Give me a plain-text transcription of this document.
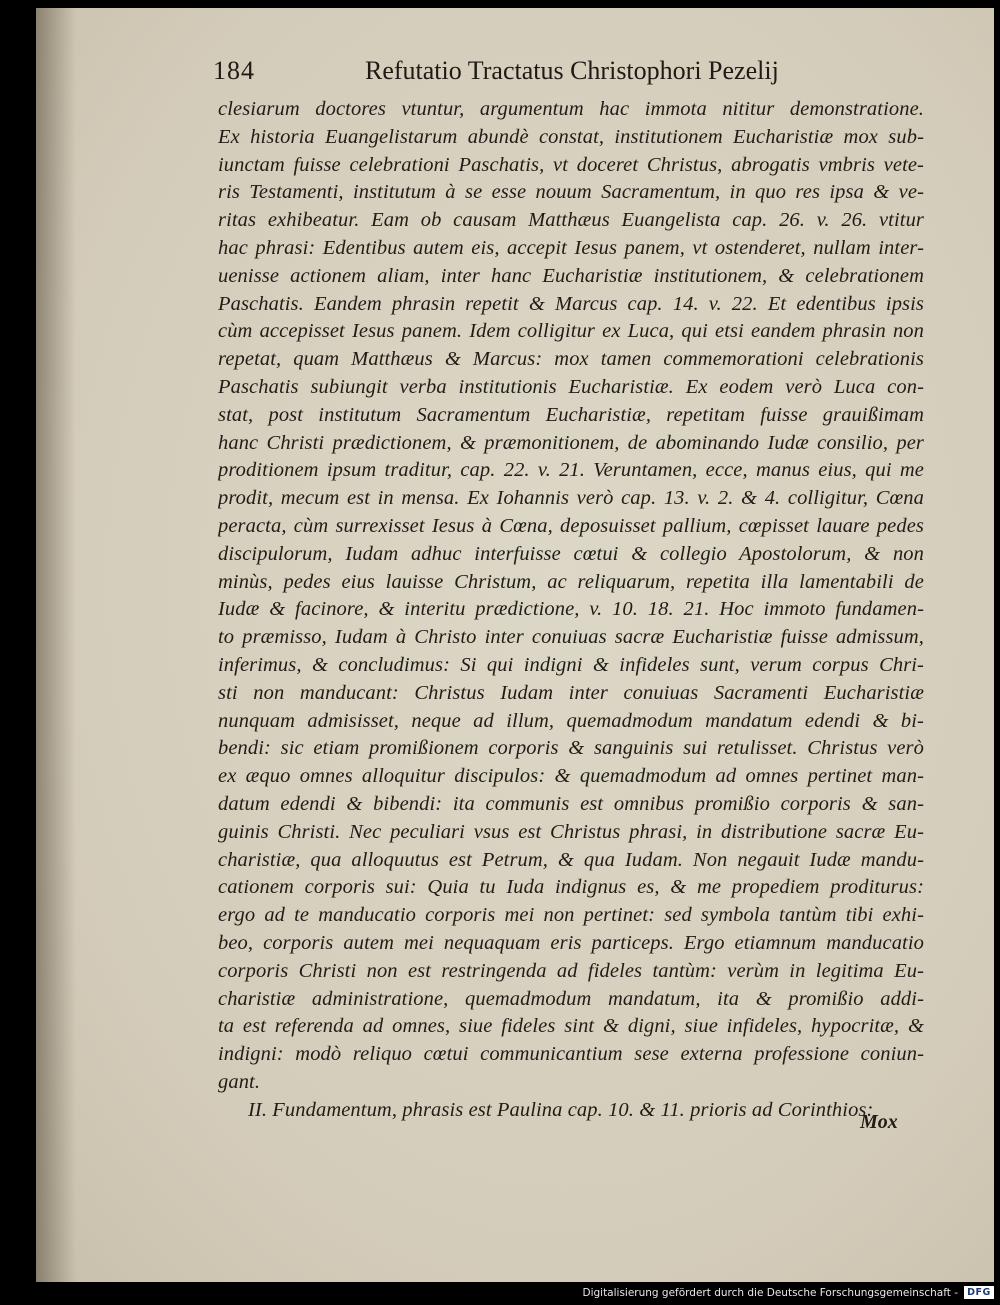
184	Refutatio Tractatus Christophori Pezelij
clesiarum doctores vtuntur, argumentum hac immota nititur demonstratione.
Ex historia Euangelistarum abundè constat, institutionem Eucharistiæ mox sub-
iunctam fuisse celebrationi Paschatis, vt doceret Christus, abrogatis vmbris vete-
ris Testamenti, institutum à se esse nouum Sacramentum, in quo res ipsa & ve-
ritas exhibeatur. Eam ob causam Matthæus Euangelista cap. 26. v. 26. vtitur
hac phrasi: Edentibus autem eis, accepit Iesus panem, vt ostenderet, nullam inter-
uenisse actionem aliam, inter hanc Eucharistiæ institutionem, & celebrationem
Paschatis. Eandem phrasin repetit & Marcus cap. 14. v. 22. Et edentibus ipsis
cùm accepisset Iesus panem. Idem colligitur ex Luca, qui etsi eandem phrasin non
repetat, quam Matthæus & Marcus: mox tamen commemorationi celebrationis
Paschatis subiungit verba institutionis Eucharistiæ. Ex eodem verò Luca con-
stat, post institutum Sacramentum Eucharistiæ, repetitam fuisse grauißimam
hanc Christi prædictionem, & præmonitionem, de abominando Iudæ consilio, per
proditionem ipsum traditur, cap. 22. v. 21. Veruntamen, ecce, manus eius, qui me
prodit, mecum est in mensa. Ex Iohannis verò cap. 13. v. 2. & 4. colligitur, Cœna
peracta, cùm surrexisset Iesus à Cœna, deposuisset pallium, cœpisset lauare pedes
discipulorum, Iudam adhuc interfuisse cœtui & collegio Apostolorum, & non
minùs, pedes eius lauisse Christum, ac reliquarum, repetita illa lamentabili de
Iudæ & facinore, & interitu prædictione, v. 10. 18. 21. Hoc immoto fundamen-
to præmisso, Iudam à Christo inter conuiuas sacræ Eucharistiæ fuisse admissum,
inferimus, & concludimus: Si qui indigni & infideles sunt, verum corpus Chri-
sti non manducant: Christus Iudam inter conuiuas Sacramenti Eucharistiæ
nunquam admisisset, neque ad illum, quemadmodum mandatum edendi & bi-
bendi: sic etiam promißionem corporis & sanguinis sui retulisset. Christus verò
ex æquo omnes alloquitur discipulos: & quemadmodum ad omnes pertinet man-
datum edendi & bibendi: ita communis est omnibus promißio corporis & san-
guinis Christi. Nec peculiari vsus est Christus phrasi, in distributione sacræ Eu-
charistiæ, qua alloquutus est Petrum, & qua Iudam. Non negauit Iudæ mandu-
cationem corporis sui: Quia tu Iuda indignus es, & me propediem proditurus:
ergo ad te manducatio corporis mei non pertinet: sed symbola tantùm tibi exhi-
beo, corporis autem mei nequaquam eris particeps. Ergo etiamnum manducatio
corporis Christi non est restringenda ad fideles tantùm: verùm in legitima Eu-
charistiæ administratione, quemadmodum mandatum, ita & promißio addi-
ta est referenda ad omnes, siue fideles sint & digni, siue infideles, hypocritæ, &
indigni: modò reliquo cœtui communicantium sese externa professione coniun-
gant.
II. Fundamentum, phrasis est Paulina cap. 10. & 11. prioris ad Corinthios:
Mox
Digitalisierung gefördert durch die Deutsche Forschungsgemeinschaft - DFG
